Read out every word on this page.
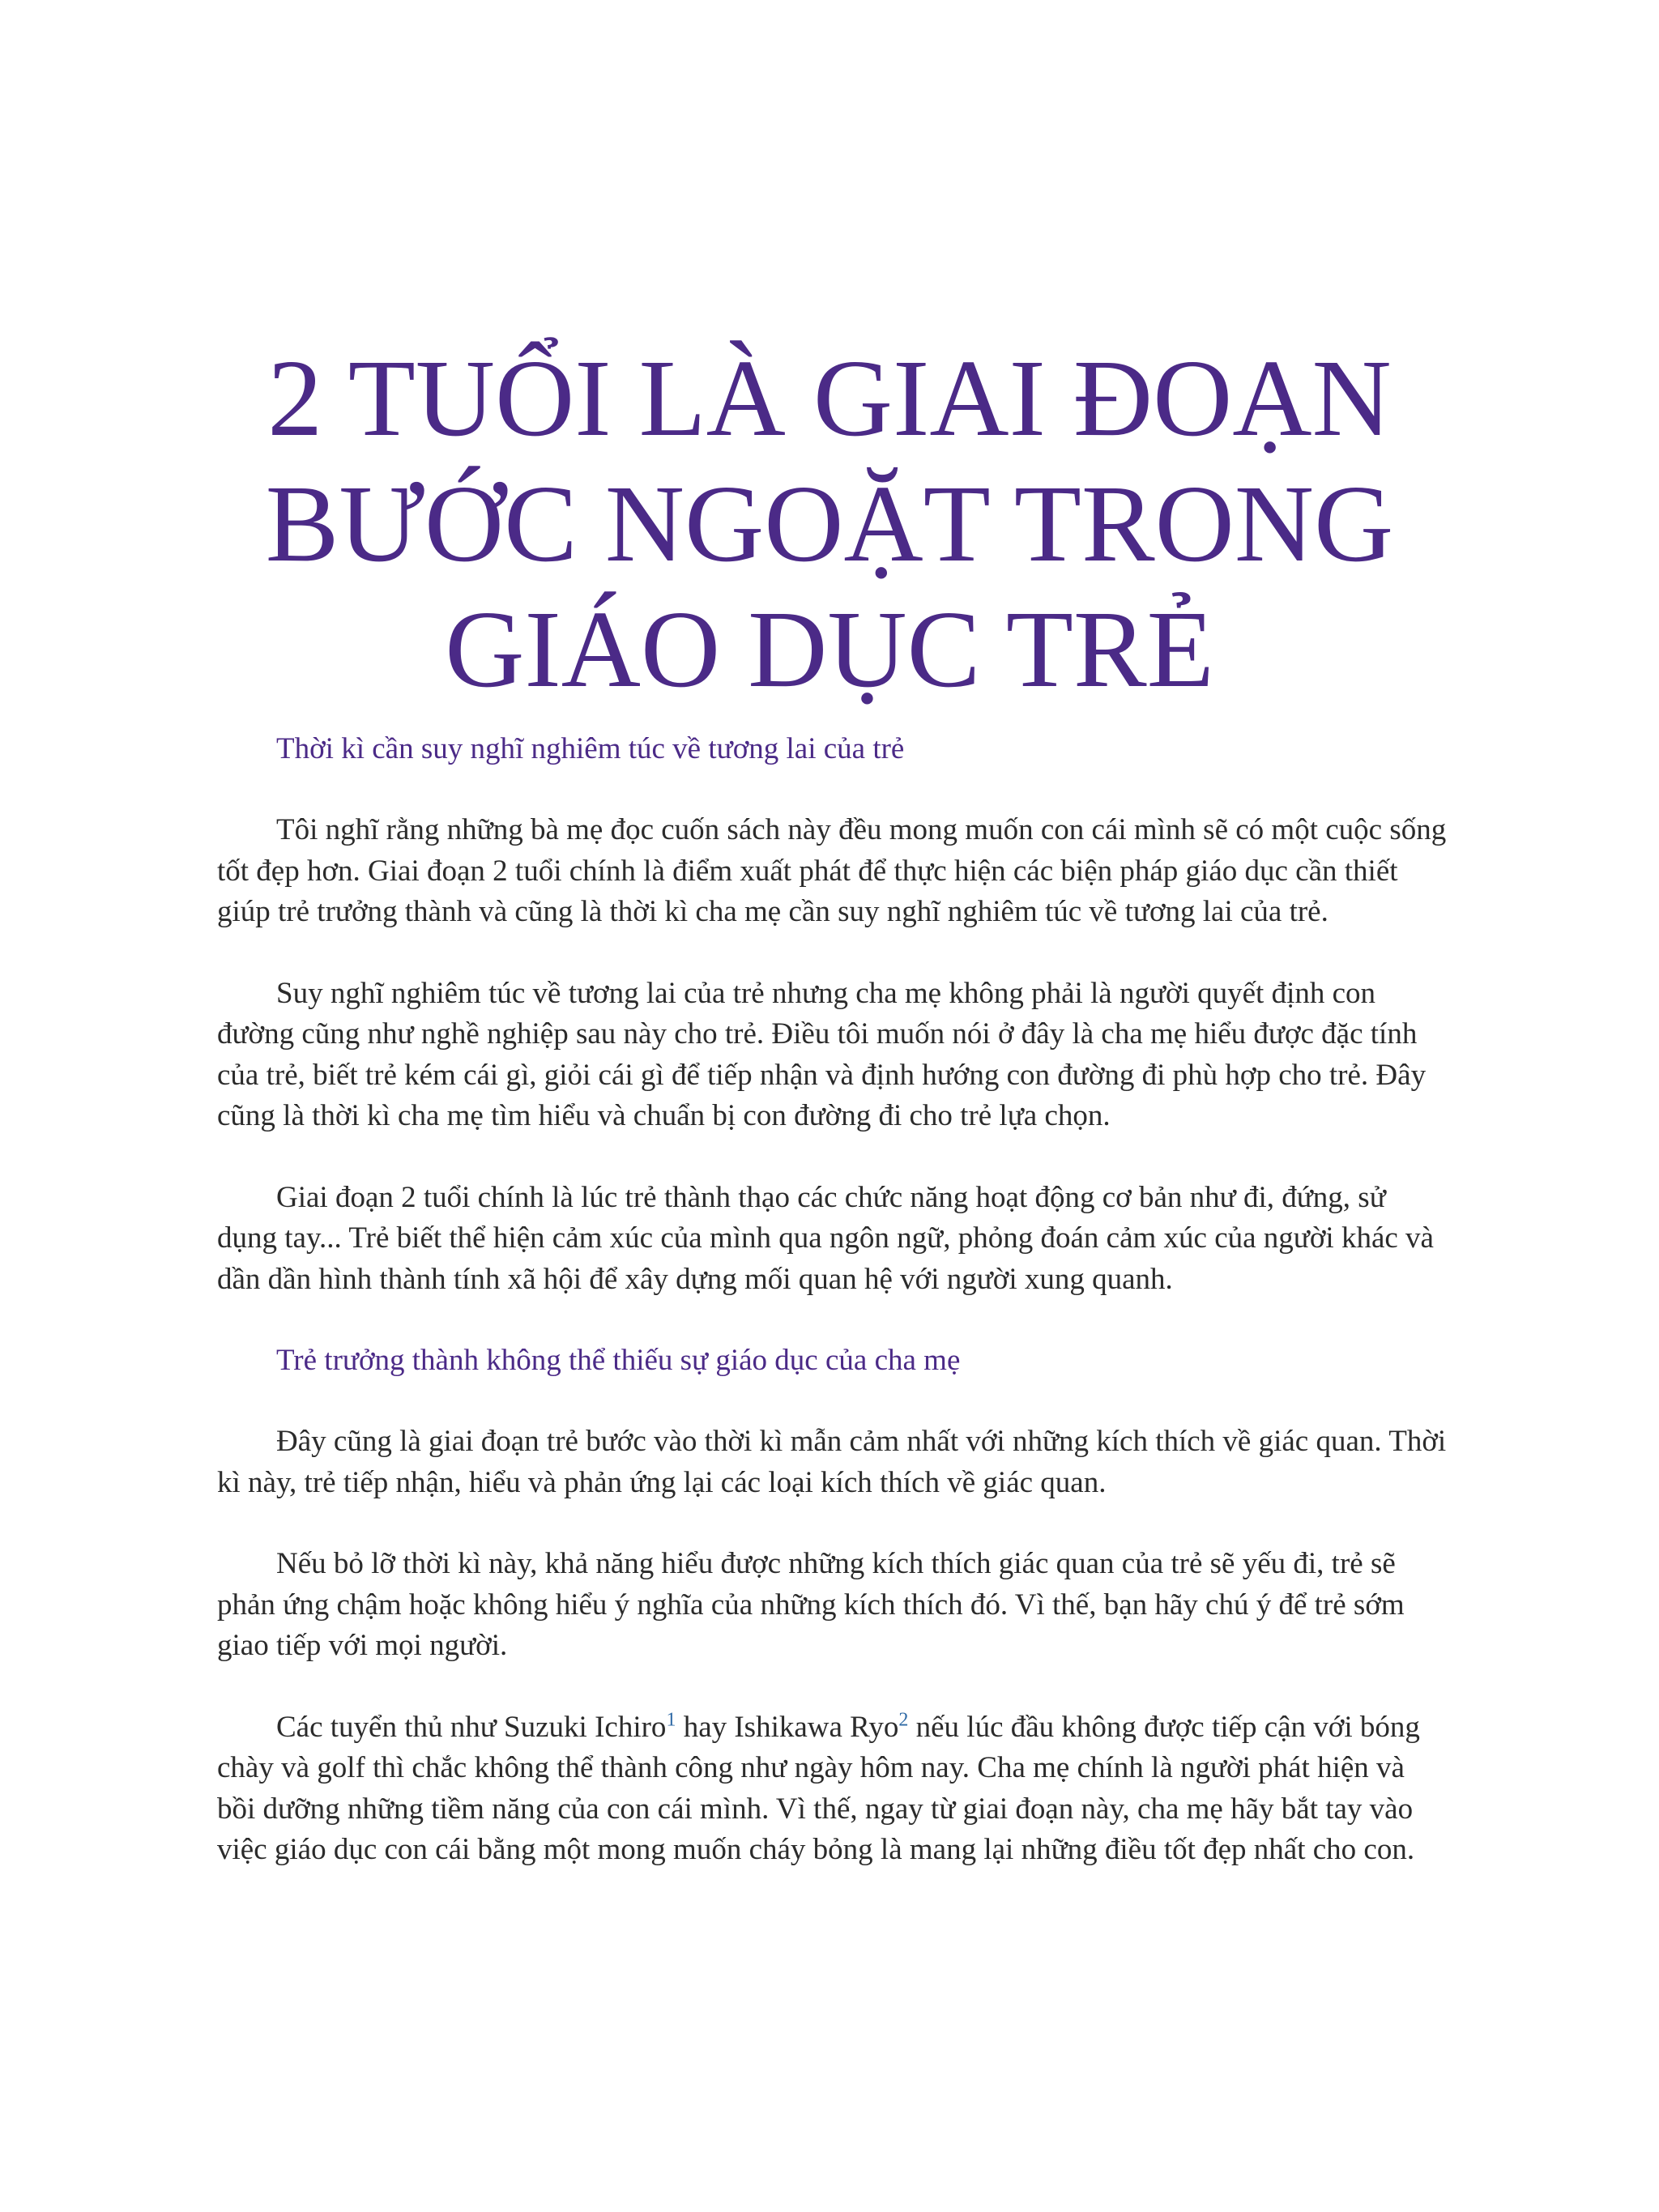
2 TUỔI LÀ GIAI ĐOẠN
BƯỚC NGOẶT TRONG
GIÁO DỤC TRẺ
Thời kì cần suy nghĩ nghiêm túc về tương lai của trẻ

Tôi nghĩ rằng những bà mẹ đọc cuốn sách này đều mong muốn con cái mình sẽ có một cuộc sống tốt đẹp hơn. Giai đoạn 2 tuổi chính là điểm xuất phát để thực hiện các biện pháp giáo dục cần thiết giúp trẻ trưởng thành và cũng là thời kì cha mẹ cần suy nghĩ nghiêm túc về tương lai của trẻ.

Suy nghĩ nghiêm túc về tương lai của trẻ nhưng cha mẹ không phải là người quyết định con đường cũng như nghề nghiệp sau này cho trẻ. Điều tôi muốn nói ở đây là cha mẹ hiểu được đặc tính của trẻ, biết trẻ kém cái gì, giỏi cái gì để tiếp nhận và định hướng con đường đi phù hợp cho trẻ. Đây cũng là thời kì cha mẹ tìm hiểu và chuẩn bị con đường đi cho trẻ lựa chọn.

Giai đoạn 2 tuổi chính là lúc trẻ thành thạo các chức năng hoạt động cơ bản như đi, đứng, sử dụng tay... Trẻ biết thể hiện cảm xúc của mình qua ngôn ngữ, phỏng đoán cảm xúc của người khác và dần dần hình thành tính xã hội để xây dựng mối quan hệ với người xung quanh.

Trẻ trưởng thành không thể thiếu sự giáo dục của cha mẹ

Đây cũng là giai đoạn trẻ bước vào thời kì mẫn cảm nhất với những kích thích về giác quan. Thời kì này, trẻ tiếp nhận, hiểu và phản ứng lại các loại kích thích về giác quan.

Nếu bỏ lỡ thời kì này, khả năng hiểu được những kích thích giác quan của trẻ sẽ yếu đi, trẻ sẽ phản ứng chậm hoặc không hiểu ý nghĩa của những kích thích đó. Vì thế, bạn hãy chú ý để trẻ sớm giao tiếp với mọi người.

Các tuyển thủ như Suzuki Ichiro$^1$ hay Ishikawa Ryo$^2$ nếu lúc đầu không được tiếp cận với bóng chày và golf thì chắc không thể thành công như ngày hôm nay. Cha mẹ chính là người phát hiện và bồi dưỡng những tiềm năng của con cái mình. Vì thế, ngay từ giai đoạn này, cha mẹ hãy bắt tay vào việc giáo dục con cái bằng một mong muốn cháy bỏng là mang lại những điều tốt đẹp nhất cho con.
